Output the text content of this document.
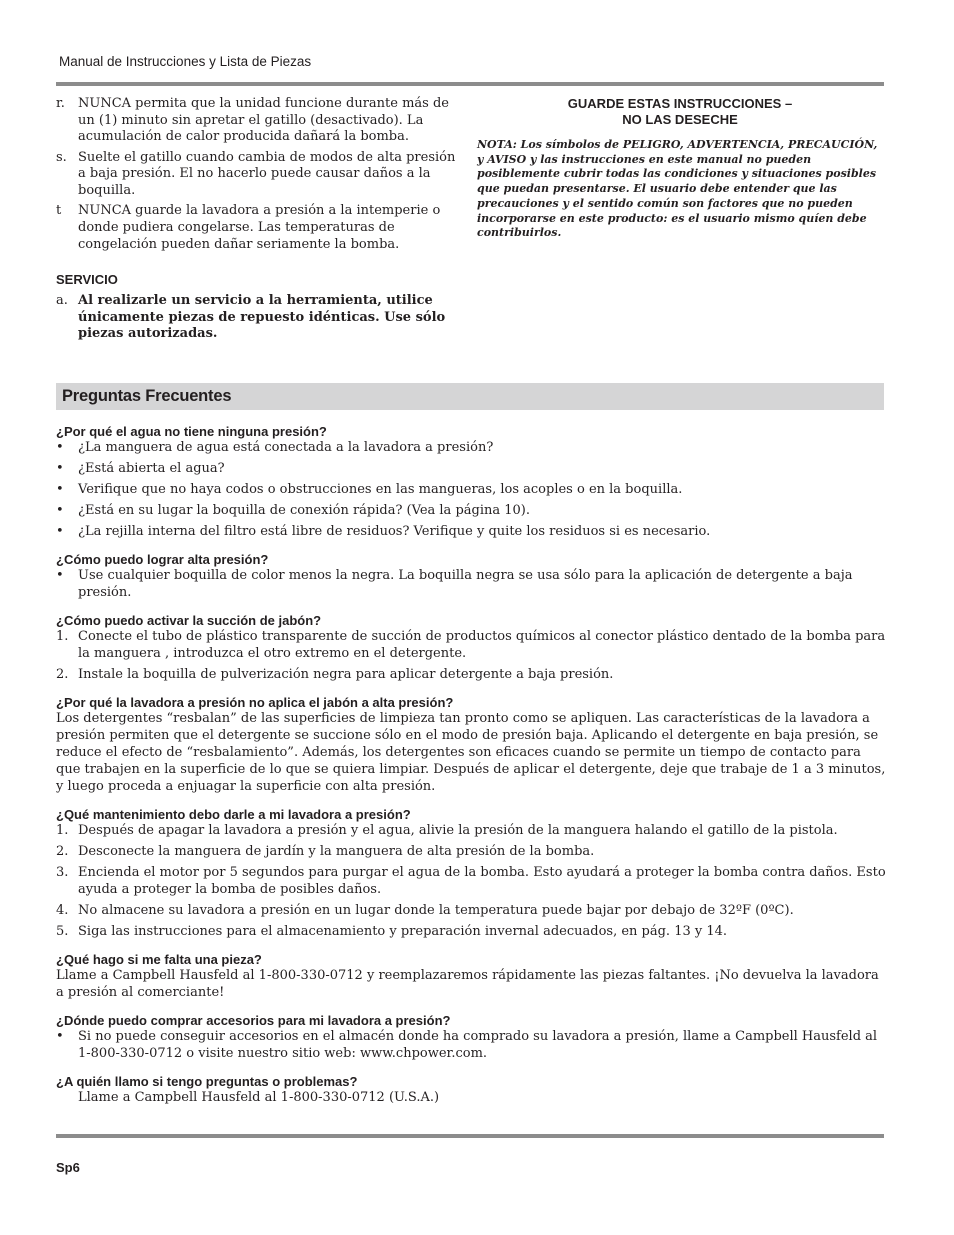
Manual de Instrucciones y Lista de Piezas
r.	NUNCA permita que la unidad funcione durante más de un (1) minuto sin apretar el gatillo (desactivado). La acumulación de calor producida dañará la bomba.
s. Suelte el gatillo cuando cambia de modos de alta presión a baja presión. El no hacerlo puede causar daños a la boquilla.
t	NUNCA guarde la lavadora a presión a la intemperie o donde pudiera congelarse. Las temperaturas de congelación pueden dañar seriamente la bomba.
SERVICIO
a. Al realizarle un servicio a la herramienta, utilice únicamente piezas de repuesto idénticas. Use sólo piezas autorizadas.
GUARDE ESTAS INSTRUCCIONES –
NO LAS DESECHE
NOTA: Los símbolos de PELIGRO, ADVERTENCIA, PRECAUCIÓN, y AVISO y las instrucciones en este manual no pueden posiblemente cubrir todas las condiciones y situaciones posibles que puedan presentarse. El usuario debe entender que las precauciones y el sentido común son factores que no pueden incorporarse en este producto: es el usuario mismo quíen debe contribuirlos.
Preguntas Frecuentes
¿Por qué el agua no tiene ninguna presión?
•	¿La manguera de agua está conectada a la lavadora a presión?
•	¿Está abierta el agua?
•	Verifique que no haya codos o obstrucciones en las mangueras, los acoples o en la boquilla.
•	¿Está en su lugar la boquilla de conexión rápida? (Vea la página 10).
•	¿La rejilla interna del filtro está libre de residuos? Verifique y quite los residuos si es necesario.
¿Cómo puedo lograr alta presión?
•	Use cualquier boquilla de color menos la negra. La boquilla negra se usa sólo para la aplicación de detergente a baja presión.
¿Cómo puedo activar la succión de jabón?
1. Conecte el tubo de plástico transparente de succión de productos químicos al conector plástico dentado de la bomba para la manguera , introduzca el otro extremo en el detergente.
2. Instale la boquilla de pulverización negra para aplicar detergente a baja presión.
¿Por qué la lavadora a presión no aplica el jabón a alta presión?
Los detergentes “resbalan” de las superficies de limpieza tan pronto como se apliquen. Las características de la lavadora a presión permiten que el detergente se succione sólo en el modo de presión baja. Aplicando el detergente en baja presión, se reduce el efecto de “resbalamiento”. Además, los detergentes son eficaces cuando se permite un tiempo de contacto para que trabajen en la superficie de lo que se quiera limpiar. Después de aplicar el detergente, deje que trabaje de 1 a 3 minutos, y luego proceda a enjuagar la superficie con alta presión.
¿Qué mantenimiento debo darle a mi lavadora a presión?
1. Después de apagar la lavadora a presión y el agua, alivie la presión de la manguera halando el gatillo de la pistola.
2. Desconecte la manguera de jardín y la manguera de alta presión de la bomba.
3. Encienda el motor por 5 segundos para purgar el agua de la bomba. Esto ayudará a proteger la bomba contra daños. Esto ayuda a proteger la bomba de posibles daños.
4. No almacene su lavadora a presión en un lugar donde la temperatura puede bajar por debajo de 32ºF (0ºC).
5. Siga las instrucciones para el almacenamiento y preparación invernal adecuados, en pág. 13 y 14.
¿Qué hago si me falta una pieza?
Llame a Campbell Hausfeld al 1-800-330-0712 y reemplazaremos rápidamente las piezas faltantes. ¡No devuelva la lavadora a presión al comerciante!
¿Dónde puedo comprar accesorios para mi lavadora a presión?
•	Si no puede conseguir accesorios en el almacén donde ha comprado su lavadora a presión, llame a Campbell Hausfeld al 1-800-330-0712 o visite nuestro sitio web: www.chpower.com.
¿A quién llamo si tengo preguntas o problemas?
Llame a Campbell Hausfeld al 1-800-330-0712 (U.S.A.)
Sp6
